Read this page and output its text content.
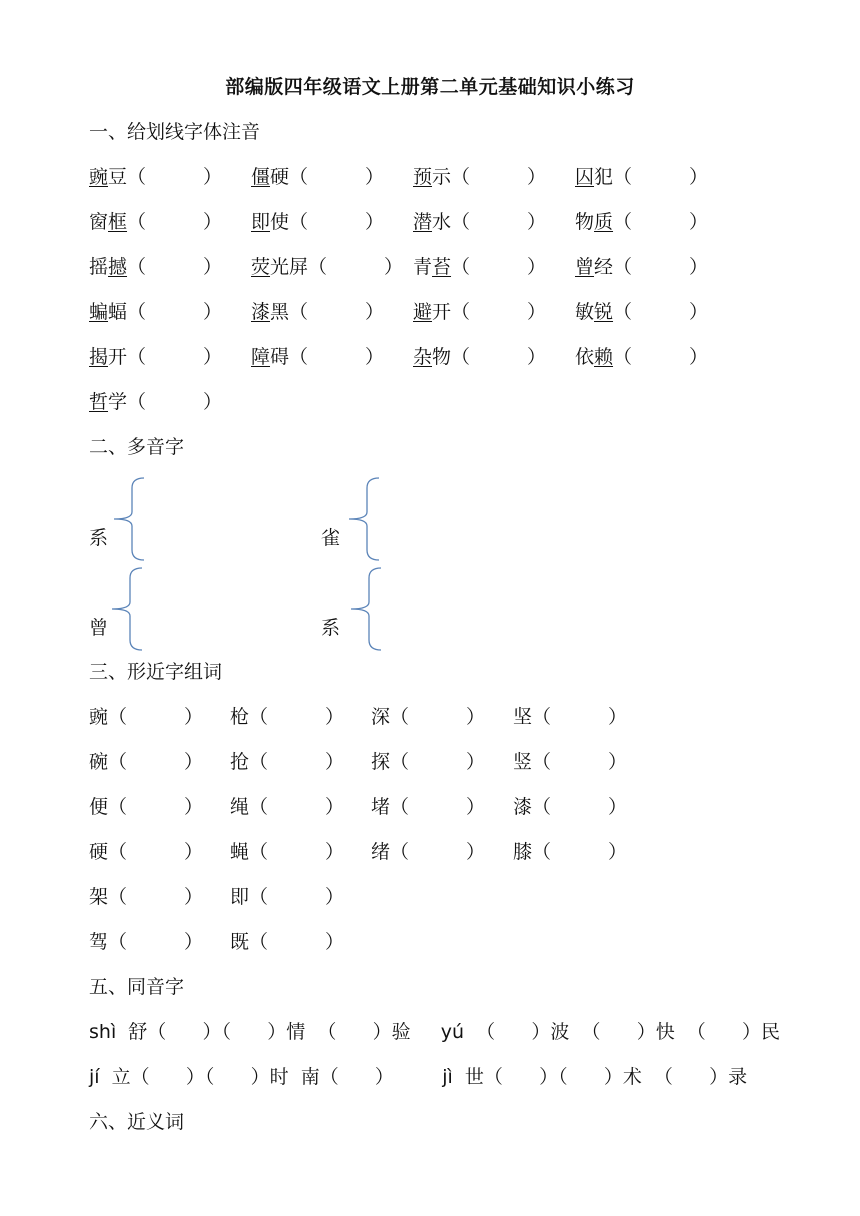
部编版四年级语文上册第二单元基础知识小练习
一、给划线字体注音
豌豆（　　　） 僵硬（　　　） 预示（　　　） 囚犯（　　　）
窗框（　　　） 即使（　　　） 潜水（　　　） 物质（　　　）
摇撼（　　　） 荧光屏（　　　） 青苔（　　　） 曾经（　　　）
蝙蝠（　　　） 漆黑（　　　） 避开（　　　） 敏锐（　　　）
揭开（　　　） 障碍（　　　） 杂物（　　　） 依赖（　　　）
哲学（　　　）
二、多音字
系	雀
曾	系
三、形近字组词
豌（　　　） 枪（　　　） 深（　　　） 坚（　　　）
碗（　　　） 抢（　　　） 探（　　　） 竖（　　　）
便（　　　） 绳（　　　） 堵（　　　） 漆（　　　）
硬（　　　） 蝇（　　　） 绪（　　　） 膝（　　　）
架（　　　） 即（　　　）
驾（　　　） 既（　　　）
五、同音字
shì  舒（      ）（      ）情  （      ）验     yú  （      ）波  （      ）快  （      ）民
jí  立（      ）（      ）时  南（      ）        jì  世（      ）（      ）术  （      ）录
六、近义词
